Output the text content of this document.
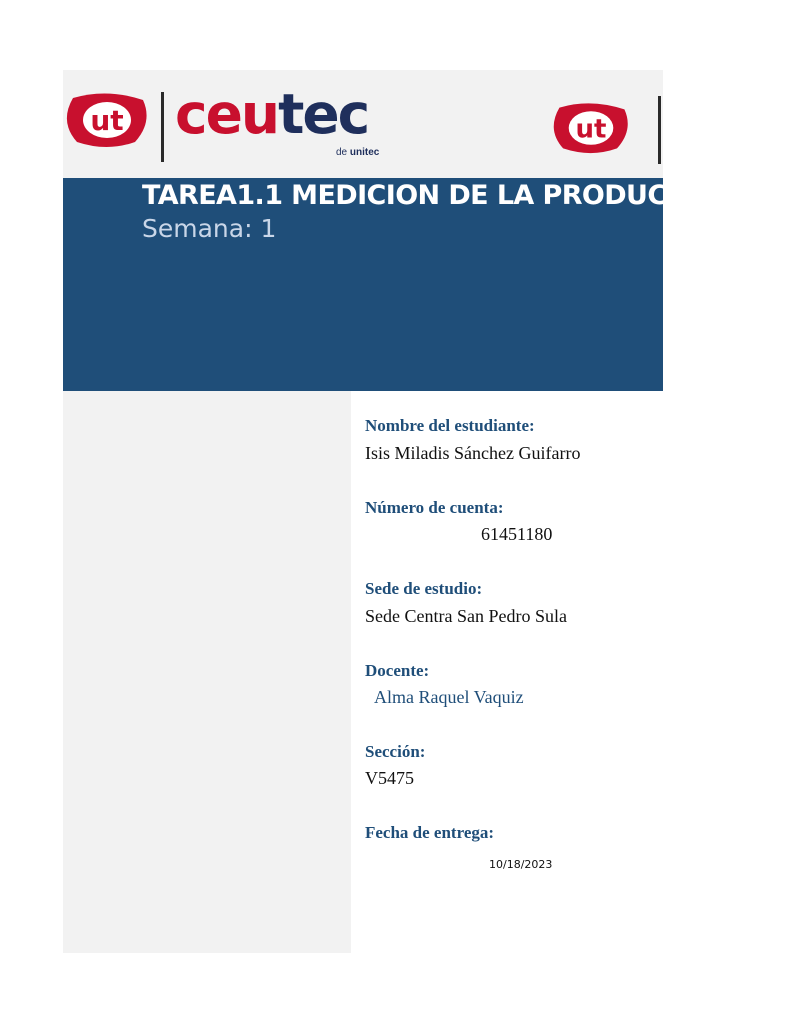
ut ceutec
de unitec
ut
TAREA1.1 MEDICION DE LA PRODUCTIVIDAD
Semana: 1
Nombre del estudiante:
Isis Miladis Sánchez Guifarro
Número de cuenta:
61451180
Sede de estudio:
Sede Centra San Pedro Sula
Docente:
Alma Raquel Vaquiz
Sección:
V5475
Fecha de entrega:
10/18/2023
